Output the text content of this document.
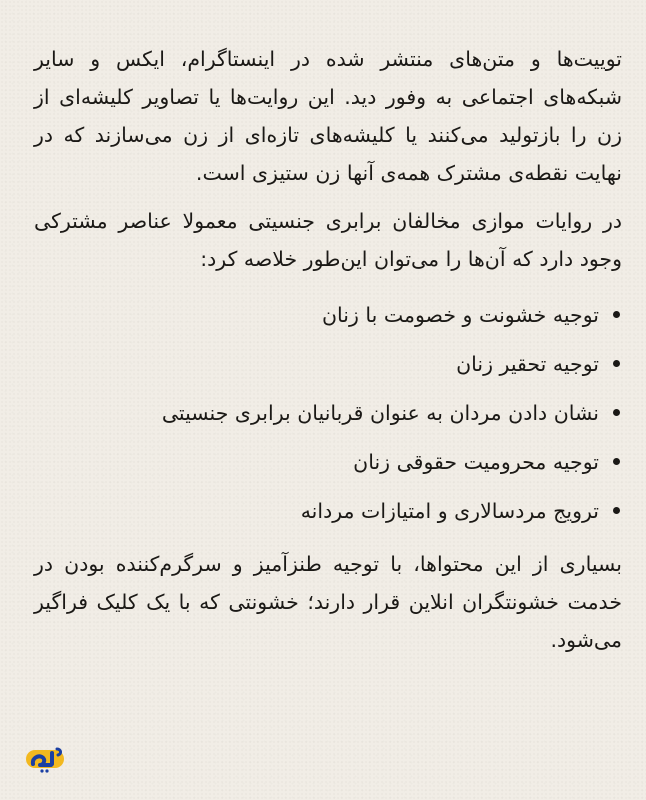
توییت‌ها و متن‌های منتشر شده در اینستاگرام، ایکس و سایر شبکه‌های اجتماعی به وفور دید. این روایت‌ها یا تصاویر کلیشه‌ای از زن را بازتولید می‌کنند یا کلیشه‌های تازه‌ای از زن می‌سازند که در نهایت نقطه‌ی مشترک همه‌ی آنها زن ستیزی است.

در روایات موازی مخالفان برابری جنسیتی معمولا عناصر مشترکی وجود دارد که آن‌ها را می‌توان این‌طور خلاصه کرد:

توجیه خشونت و خصومت با زنان
توجیه تحقیر زنان
نشان دادن مردان به عنوان قربانیان برابری جنسیتی
توجیه محرومیت حقوقی زنان
ترویج مردسالاری و امتیازات مردانه

بسیاری از این محتواها، با توجیه طنزآمیز و سرگرم‌کننده بودن در خدمت خشونتگران انلاین قرار دارند؛ خشونتی که با یک کلیک فراگیر می‌شود.
